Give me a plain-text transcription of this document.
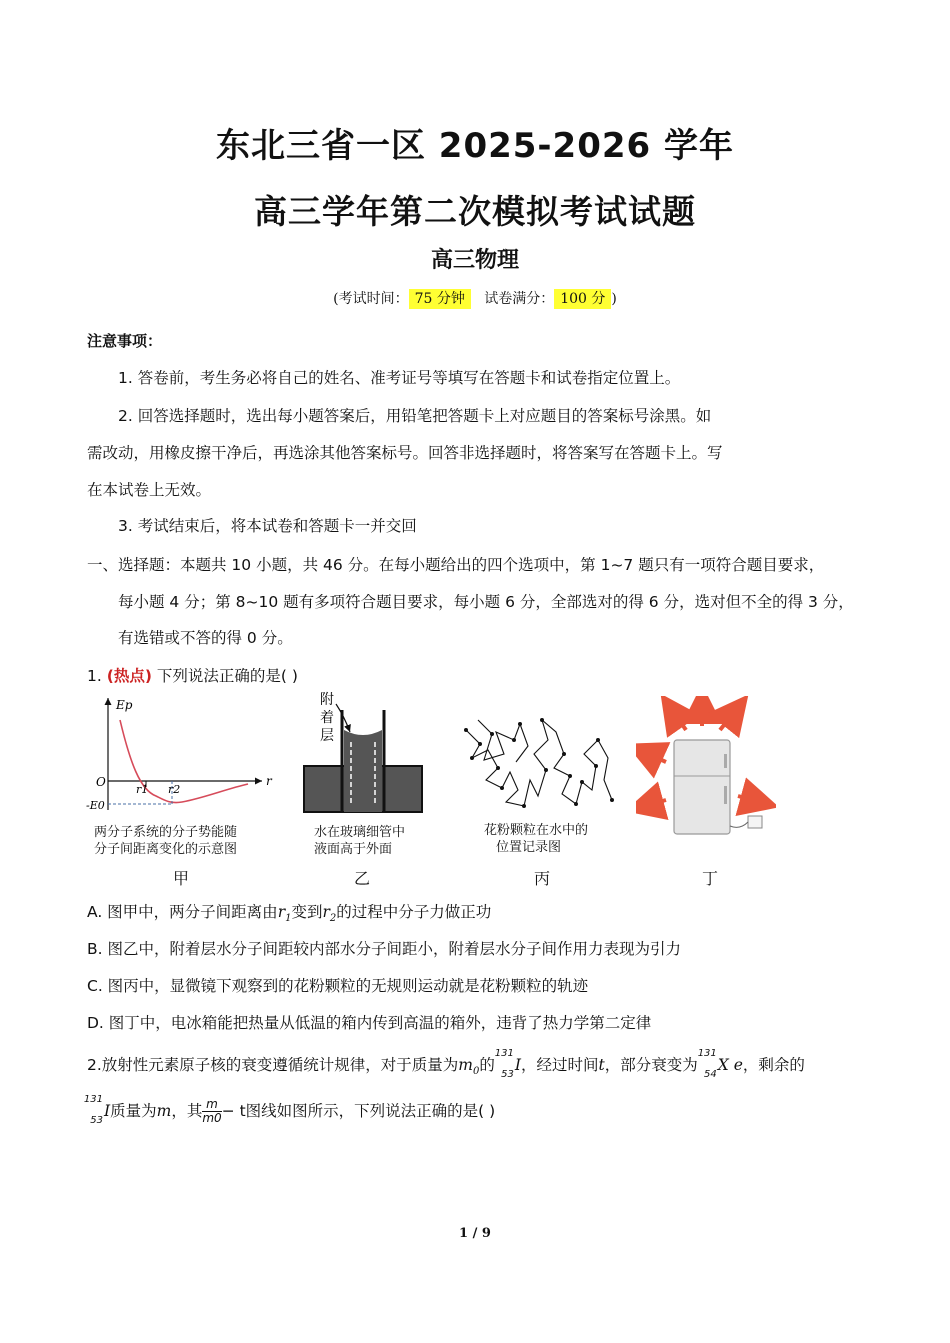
东北三省一区 2025-2026 学年
高三学年第二次模拟考试试题
高三物理
(考试时间： 75 分钟 试卷满分： 100 分 )
注意事项：
1. 答卷前，考生务必将自己的姓名、准考证号等填写在答题卡和试卷指定位置上。
2. 回答选择题时，选出每小题答案后，用铅笔把答题卡上对应题目的答案标号涂黑。如
需改动，用橡皮擦干净后，再选涂其他答案标号。回答非选择题时，将答案写在答题卡上。写
在本试卷上无效。
3. 考试结束后，将本试卷和答题卡一并交回
一、选择题：本题共 10 小题，共 46 分。在每小题给出的四个选项中，第 1~7 题只有一项符合题目要求，
每小题 4 分；第 8~10 题有多项符合题目要求，每小题 6 分，全部选对的得 6 分，选对但不全的得 3 分，
有选错或不答的得 0 分。
1. (热点) 下列说法正确的是( )
Ep
r
O
r1 r2
-E0
两分子系统的分子势能随
分子间距离变化的示意图
甲
附
着
层
水在玻璃细管中
液面高于外面
乙
花粉颗粒在水中的
位置记录图
丙	丁
A. 图甲中，两分子间距离由$r_1$变到$r_2$的过程中分子力做正功
B. 图乙中，附着层水分子间距较内部水分子间距小，附着层水分子间作用力表现为引力
C. 图丙中，显微镜下观察到的花粉颗粒的无规则运动就是花粉颗粒的轨迹
D. 图丁中，电冰箱能把热量从低温的箱内传到高温的箱外，违背了热力学第二定律
2.放射性元素原子核的衰变遵循统计规律，对于质量为$m_0$的
131
53
I，经过时间t，部分衰变为
131
54
X e，剩余的
131
53
I质量为m，其 $\frac{m}{m0} - t$图线如图所示，下列说法正确的是( )
1 / 9
